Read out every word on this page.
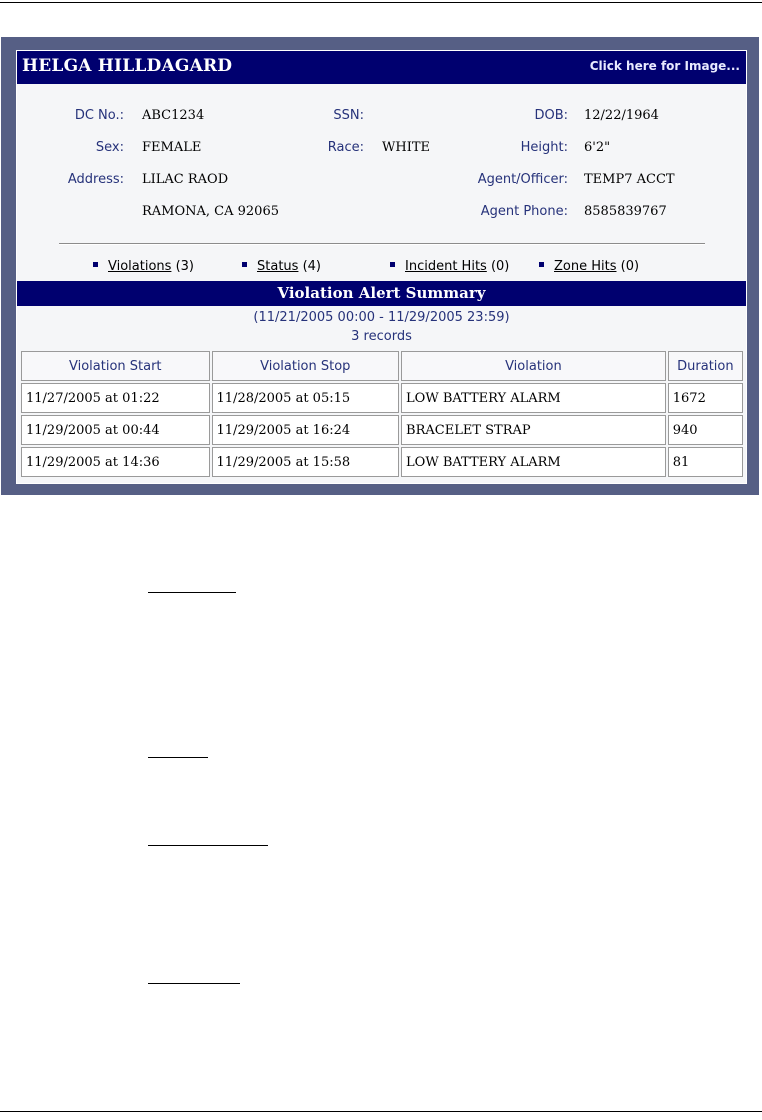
HELGA HILLDAGARD	Click here for Image...
DC No.: ABC1234	SSN:	DOB: 12/22/1964
Sex: FEMALE	Race: WHITE	Height: 6'2"
Address: LILAC RAOD	Agent/Officer: TEMP7 ACCT
RAMONA, CA 92065	Agent Phone: 8585839767
Violations (3)	Status (4)	Incident Hits (0)	Zone Hits (0)
Violation Alert Summary
(11/21/2005 00:00 - 11/29/2005 23:59)
3 records
Violation Start	Violation Stop	Violation	Duration
11/27/2005 at 01:22	11/28/2005 at 05:15	LOW BATTERY ALARM	1672
11/29/2005 at 00:44	11/29/2005 at 16:24	BRACELET STRAP	940
11/29/2005 at 14:36	11/29/2005 at 15:58	LOW BATTERY ALARM	81
